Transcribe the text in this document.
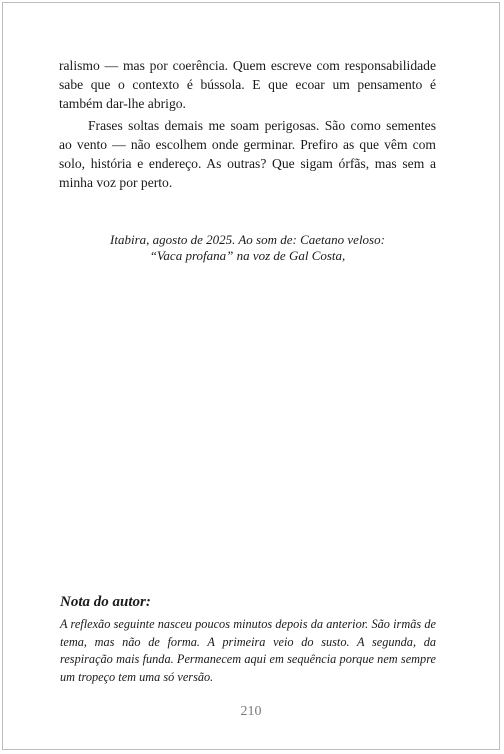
ralismo — mas por coerência. Quem escreve com responsabilidade sabe que o contexto é bússola. E que ecoar um pensamento é também dar-lhe abrigo.

Frases soltas demais me soam perigosas. São como sementes ao vento — não escolhem onde germinar. Prefiro as que vêm com solo, história e endereço. As outras? Que sigam órfãs, mas sem a minha voz por perto.

Itabira, agosto de 2025. Ao som de: Caetano veloso:
“Vaca profana” na voz de Gal Costa,
Nota do autor:

A reflexão seguinte nasceu poucos minutos depois da anterior. São irmãs de tema, mas não de forma. A primeira veio do susto. A segunda, da respiração mais funda. Permanecem aqui em sequência porque nem sempre um tropeço tem uma só versão.

210
